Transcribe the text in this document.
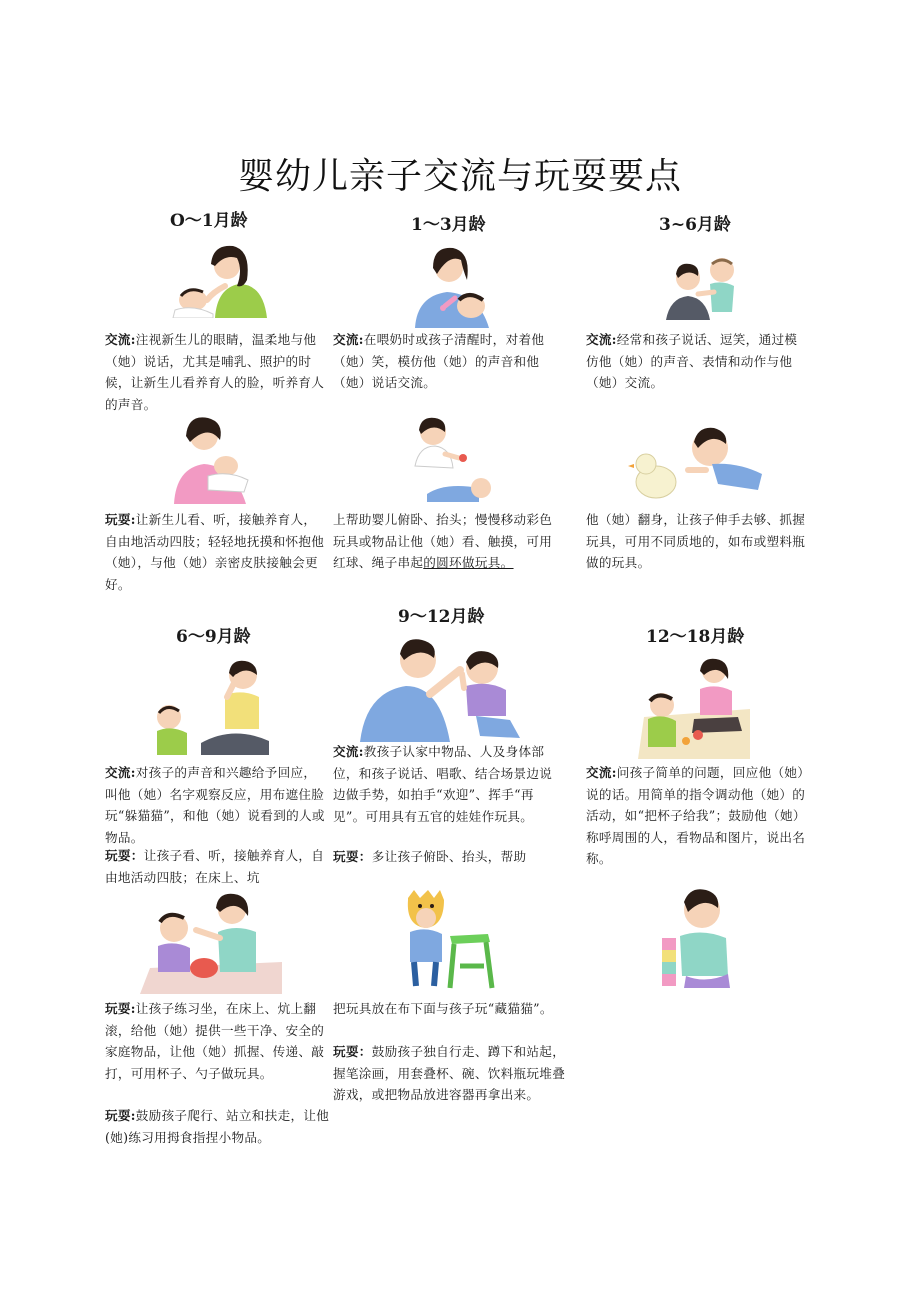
婴幼儿亲子交流与玩耍要点
O～1月龄	1～3月龄	3~6月龄
交流:注视新生儿的眼睛，温柔地与他（她）说话，尤其是哺乳、照护的时候，让新生儿看养育人的脸，听养育人的声音。
交流:在喂奶时或孩子清醒时，对着他（她）笑，模仿他（她）的声音和他（她）说话交流。
交流:经常和孩子说话、逗笑，通过模仿他（她）的声音、表情和动作与他（她）交流。
玩耍:让新生儿看、听，接触养育人，自由地活动四肢；轻轻地抚摸和怀抱他（她），与他（她）亲密皮肤接触会更好。
上帮助婴儿俯卧、抬头；慢慢移动彩色玩具或物品让他（她）看、触摸，可用红球、绳子串起的圆环做玩具。
他（她）翻身，让孩子伸手去够、抓握玩具，可用不同质地的，如布或塑料瓶做的玩具。
9～12月龄
6～9月龄	12～18月龄
交流:教孩子认家中物品、人及身体部位，和孩子说话、唱歌、结合场景边说边做手势，如拍手“欢迎”、挥手“再见”。可用具有五官的娃娃作玩具。
交流:对孩子的声音和兴趣给予回应，叫他（她）名字观察反应，用布遮住脸玩“躲猫猫”，和他（她）说看到的人或物品。
交流:问孩子简单的问题，回应他（她）说的话。用简单的指令调动他（她）的活动，如“把杯子给我”；鼓励他（她）称呼周围的人，看物品和图片，说出名称。
玩耍：让孩子看、听，接触养育人，自由地活动四肢；在床上、坑
玩耍：多让孩子俯卧、抬头，帮助
玩耍:让孩子练习坐，在床上、炕上翻滚，给他（她）提供一些干净、安全的家庭物品，让他（她）抓握、传递、敲打，可用杯子、勺子做玩具。
把玩具放在布下面与孩子玩“藏猫猫”。
玩耍：鼓励孩子独自行走、蹲下和站起，握笔涂画，用套叠杯、碗、饮料瓶玩堆叠游戏，或把物品放进容器再拿出来。
玩耍:鼓励孩子爬行、站立和扶走，让他(她)练习用拇食指捏小物品。
